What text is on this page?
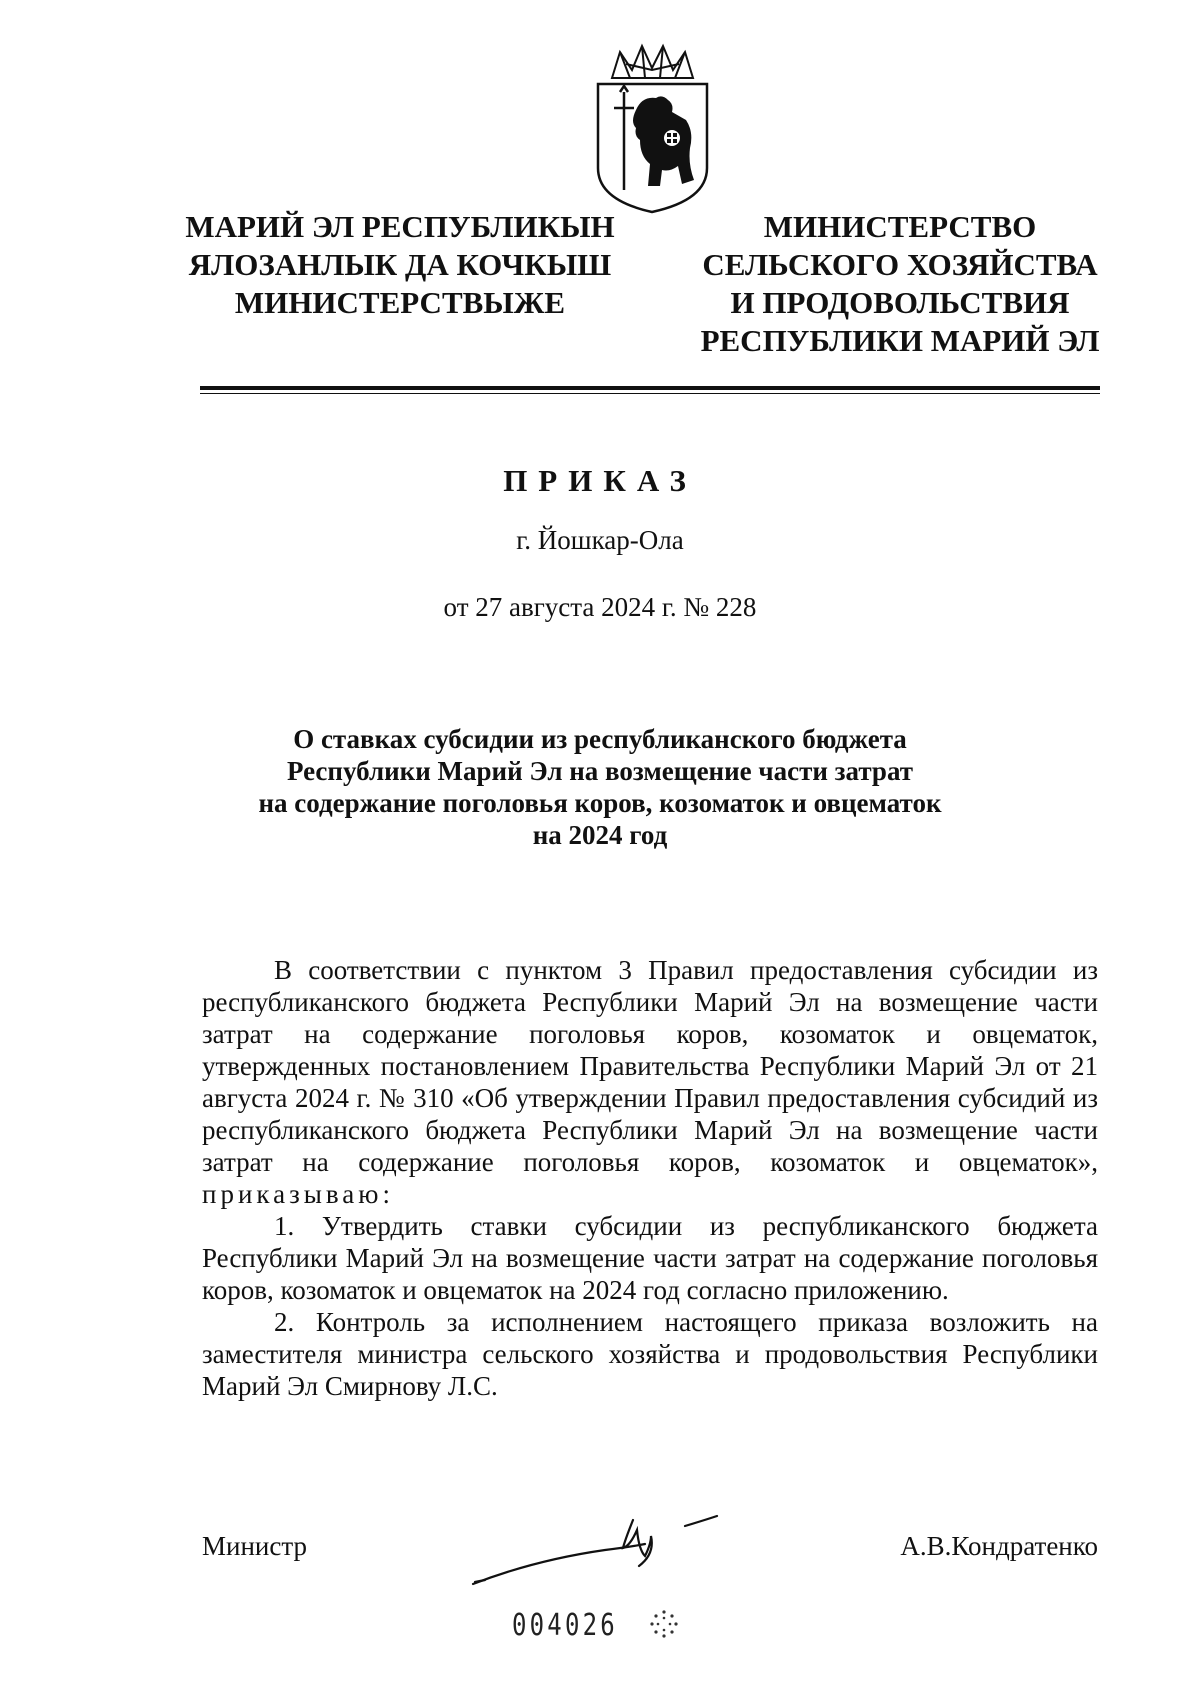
МАРИЙ ЭЛ РЕСПУБЛИКЫН
ЯЛОЗАНЛЫК ДА КОЧКЫШ
МИНИСТЕРСТВЫЖЕ
МИНИСТЕРСТВО
СЕЛЬСКОГО ХОЗЯЙСТВА
И ПРОДОВОЛЬСТВИЯ
РЕСПУБЛИКИ МАРИЙ ЭЛ
ПРИКАЗ
г. Йошкар-Ола
от 27 августа 2024 г. № 228
О ставках субсидии из республиканского бюджета
Республики Марий Эл на возмещение части затрат
на содержание поголовья коров, козоматок и овцематок
на 2024 год

В соответствии с пунктом 3 Правил предоставления субсидии из республиканского бюджета Республики Марий Эл на возмещение части затрат на содержание поголовья коров, козоматок и овцематок, утвержденных постановлением Правительства Республики Марий Эл от 21 августа 2024 г. № 310 «Об утверждении Правил предоставления субсидий из республиканского бюджета Республики Марий Эл на возмещение части затрат на содержание поголовья коров, козоматок и овцематок», приказываю:

1. Утвердить ставки субсидии из республиканского бюджета Республики Марий Эл на возмещение части затрат на содержание поголовья коров, козоматок и овцематок на 2024 год согласно приложению.

2. Контроль за исполнением настоящего приказа возложить на заместителя министра сельского хозяйства и продовольствия Республики Марий Эл Смирнову Л.С.

Министр	А.В.Кондратенко
004026
